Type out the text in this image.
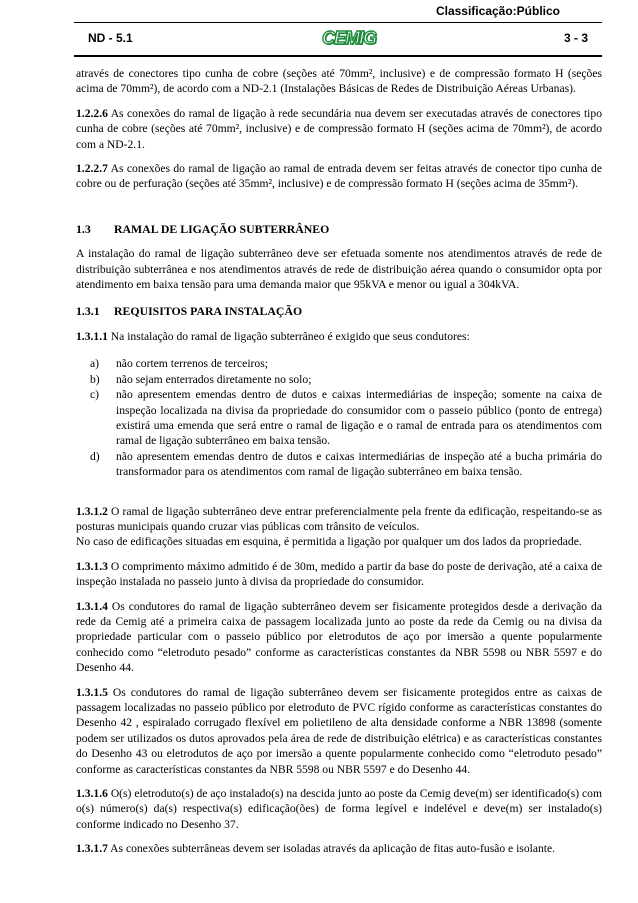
Classificação:Público
ND - 5.1	CEMIG	3 - 3

através de conectores tipo cunha de cobre (seções até 70mm², inclusive) e de compressão formato H (seções acima de 70mm²), de acordo com a ND-2.1 (Instalações Básicas de Redes de Distribuição Aéreas Urbanas).

1.2.2.6 As conexões do ramal de ligação à rede secundária nua devem ser executadas através de conectores tipo cunha de cobre (seções até 70mm², inclusive) e de compressão formato H (seções acima de 70mm²), de acordo com a ND-2.1.

1.2.2.7 As conexões do ramal de ligação ao ramal de entrada devem ser feitas através de conector tipo cunha de cobre ou de perfuração (seções até 35mm², inclusive) e de compressão formato H (seções acima de 35mm²).

1.3 RAMAL DE LIGAÇÃO SUBTERRÂNEO

A instalação do ramal de ligação subterrâneo deve ser efetuada somente nos atendimentos através de rede de distribuição subterrânea e nos atendimentos através de rede de distribuição aérea quando o consumidor opta por atendimento em baixa tensão para uma demanda maior que 95kVA e menor ou igual a 304kVA.

1.3.1 REQUISITOS PARA INSTALAÇÃO

1.3.1.1 Na instalação do ramal de ligação subterrâneo é exigido que seus condutores:

a)	não cortem terrenos de terceiros;
b)	não sejam enterrados diretamente no solo;
c)	não apresentem emendas dentro de dutos e caixas intermediárias de inspeção; somente na caixa de inspeção localizada na divisa da propriedade do consumidor com o passeio público (ponto de entrega) existirá uma emenda que será entre o ramal de ligação e o ramal de entrada para os atendimentos com ramal de ligação subterrâneo em baixa tensão.
d)	não apresentem emendas dentro de dutos e caixas intermediárias de inspeção até a bucha primária do transformador para os atendimentos com ramal de ligação subterrâneo em baixa tensão.

1.3.1.2 O ramal de ligação subterrâneo deve entrar preferencialmente pela frente da edificação, respeitando-se as posturas municipais quando cruzar vias públicas com trânsito de veículos.

No caso de edificações situadas em esquina, é permitida a ligação por qualquer um dos lados da propriedade.

1.3.1.3 O comprimento máximo admitido é de 30m, medido a partir da base do poste de derivação, até a caixa de inspeção instalada no passeio junto à divisa da propriedade do consumidor.

1.3.1.4 Os condutores do ramal de ligação subterrâneo devem ser fisicamente protegidos desde a derivação da rede da Cemig até a primeira caixa de passagem localizada junto ao poste da rede da Cemig ou na divisa da propriedade particular com o passeio público por eletrodutos de aço por imersão a quente popularmente conhecido como “eletroduto pesado” conforme as características constantes da NBR 5598 ou NBR 5597 e do Desenho 44.

1.3.1.5 Os condutores do ramal de ligação subterrâneo devem ser fisicamente protegidos entre as caixas de passagem localizadas no passeio público por eletroduto de PVC rígido conforme as características constantes do Desenho 42 , espiralado corrugado flexível em polietileno de alta densidade conforme a NBR 13898 (somente podem ser utilizados os dutos aprovados pela área de rede de distribuição elétrica) e as características constantes do Desenho 43 ou eletrodutos de aço por imersão a quente popularmente conhecido como “eletroduto pesado” conforme as características constantes da NBR 5598 ou NBR 5597 e do Desenho 44.

1.3.1.6 O(s) eletroduto(s) de aço instalado(s) na descida junto ao poste da Cemig deve(m) ser identificado(s) com o(s) número(s) da(s) respectiva(s) edificação(ões) de forma legível e indelével e deve(m) ser instalado(s) conforme indicado no Desenho 37.

1.3.1.7 As conexões subterrâneas devem ser isoladas através da aplicação de fitas auto-fusão e isolante.
